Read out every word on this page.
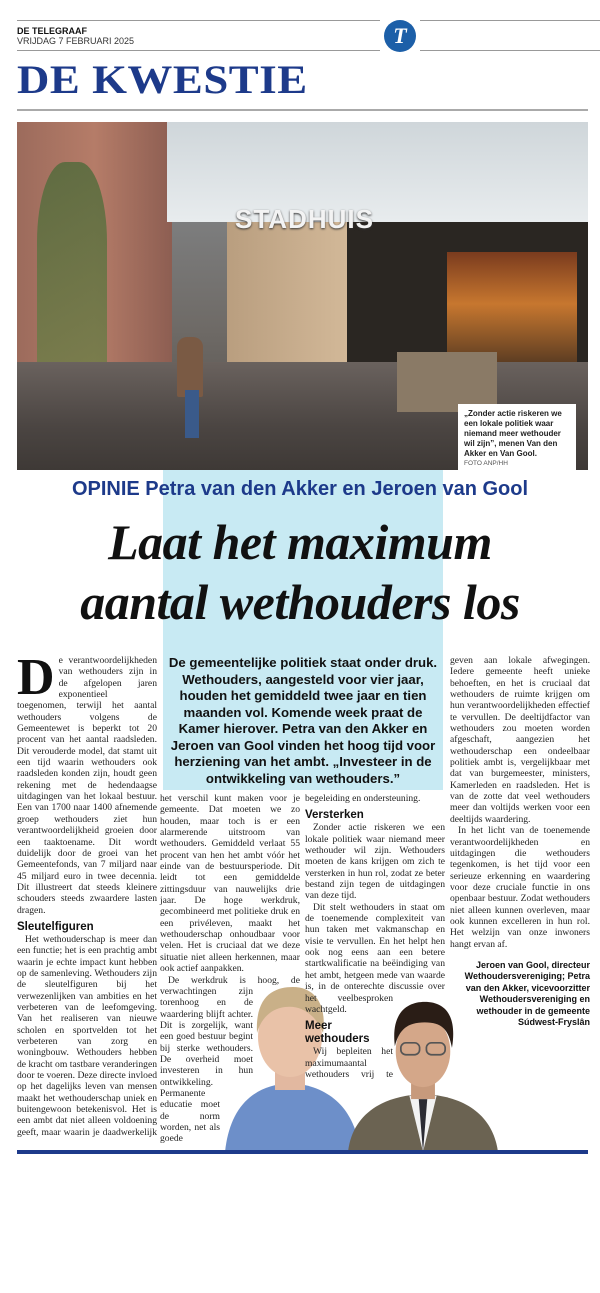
DE TELEGRAAF
VRIJDAG 7 FEBRUARI 2025	T
DE KWESTIE
STADHUIS
„Zonder actie riskeren we een lokale politiek waar niemand meer wethouder wil zijn”, menen Van den Akker en Van Gool.
FOTO ANP/HH
OPINIE Petra van den Akker en Jeroen van Gool
Laat het maximum
aantal wethouders los
De gemeentelijke politiek staat onder druk. Wethouders, aangesteld voor vier jaar, houden het gemiddeld twee jaar en tien maanden vol. Komende week praat de Kamer hierover. Petra van den Akker en Jeroen van Gool vinden het hoog tijd voor herziening van het ambt. „Investeer in de ontwikkeling van wethouders.”
D e verantwoordelijkheden van wethouders zijn in de afgelopen jaren exponentieel toegenomen, terwijl het aantal wethouders volgens de Gemeentewet is beperkt tot 20 procent van het aantal raadsleden. Dit verouderde model, dat stamt uit een tijd waarin wethouders ook raadsleden konden zijn, houdt geen rekening met de hedendaagse uitdagingen van het lokaal bestuur. Een van 1700 naar 1400 afnemende groep wethouders ziet hun verantwoordelijkheid groeien door een taaktoename. Dit wordt duidelijk door de groei van het Gemeentefonds, van 7 miljard naar 45 miljard euro in twee decennia. Dit illustreert dat steeds kleinere schouders steeds zwaardere lasten dragen.

Sleutelfiguren

Het wethouderschap is meer dan een functie; het is een prachtig ambt waarin je echte impact kunt hebben op de samenleving. Wethouders zijn de sleutelfiguren bij het verwezenlijken van ambities en het verbeteren van de leefomgeving. Van het realiseren van nieuwe scholen en sportvelden tot het verbeteren van zorg en woningbouw. Wethouders hebben de kracht om tastbare veranderingen door te voeren. Deze directe invloed op het dagelijks leven van mensen maakt het wethouderschap uniek en buitengewoon betekenisvol. Het is een ambt dat niet alleen voldoening geeft, maar waarin je daadwerkelijk

het verschil kunt maken voor je gemeente. Dat moeten we zo houden, maar toch is er een alarmerende uitstroom van wethouders. Gemiddeld verlaat 55 procent van hen het ambt vóór het einde van de bestuursperiode. Dit leidt tot een gemiddelde zittingsduur van nauwelijks drie jaar. De hoge werkdruk, gecombineerd met politieke druk en een privéleven, maakt het wethouderschap onhoudbaar voor velen. Het is cruciaal dat we deze situatie niet alleen herkennen, maar ook actief aanpakken.

De werkdruk is hoog, de verwachtingen zijn torenhoog en de waardering blijft achter. Dit is zorgelijk, want een goed bestuur begint bij sterke wethouders. De overheid moet investeren in hun ontwikkeling. Permanente educatie moet de norm worden, net als goede

begeleiding en ondersteuning.

Versterken

Zonder actie riskeren we een lokale politiek waar niemand meer wethouder wil zijn. Wethouders moeten de kans krijgen om zich te versterken in hun rol, zodat ze beter bestand zijn tegen de uitdagingen van deze tijd.

Dit stelt wethouders in staat om de toenemende complexiteit van hun taken met vakmanschap en visie te vervullen. En het helpt hen ook nog eens aan een betere startkwalificatie na beëindiging van het ambt, hetgeen mede van waarde is, in de onterechte discussie over het veelbesproken wachtgeld.

Meer wethouders

Wij bepleiten het maximumaantal wethouders vrij te

geven aan lokale afwegingen. Iedere gemeente heeft unieke behoeften, en het is cruciaal dat wethouders de ruimte krijgen om hun verantwoordelijkheden effectief te vervullen. De deeltijdfactor van wethouders zou moeten worden afgeschaft, aangezien het wethouderschap een ondeelbaar politiek ambt is, vergelijkbaar met dat van burgemeester, ministers, Kamerleden en raadsleden. Het is van de zotte dat veel wethouders meer dan voltijds werken voor een deeltijds waardering.

In het licht van de toenemende verantwoordelijkheden en uitdagingen die wethouders tegenkomen, is het tijd voor een serieuze erkenning en waardering voor deze cruciale functie in ons openbaar bestuur. Zodat wethouders niet alleen kunnen overleven, maar ook kunnen excelleren in hun rol. Het welzijn van onze inwoners hangt ervan af.

Jeroen van Gool, directeur Wethoudersvereniging; Petra van den Akker, vicevoorzitter Wethoudersvereniging en wethouder in de gemeente Súdwest-Fryslân
